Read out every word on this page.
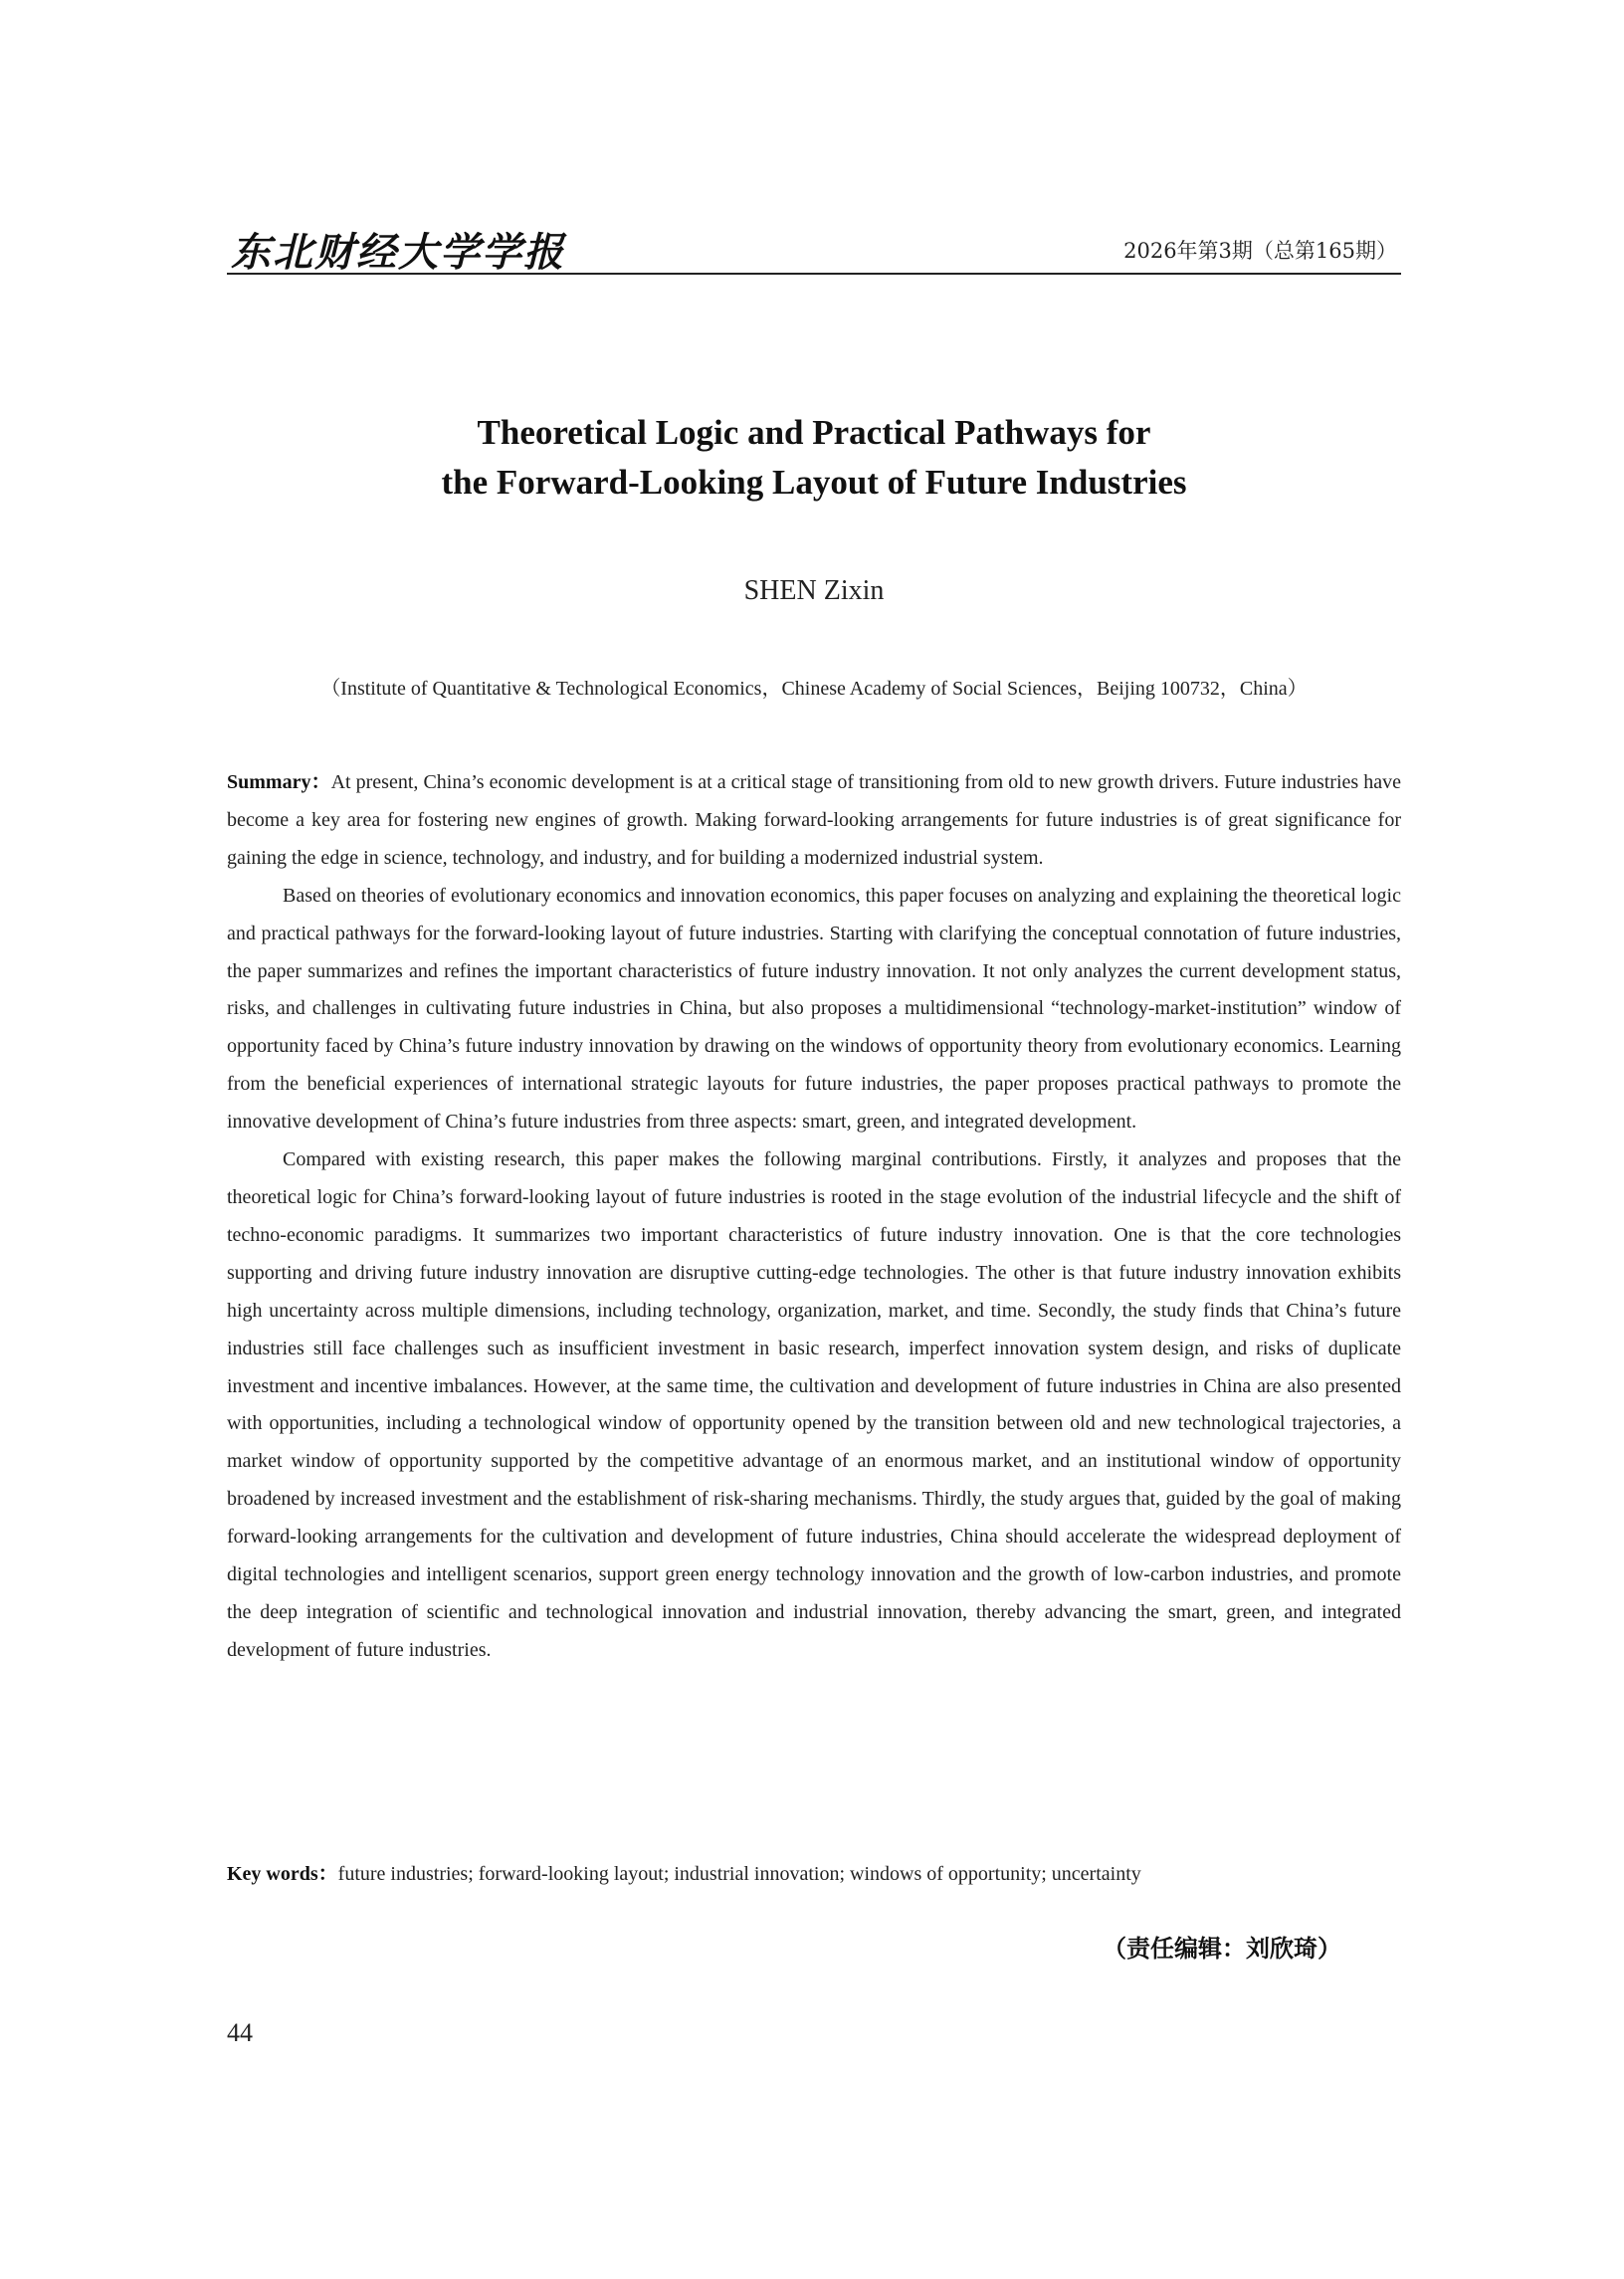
东北财经大学学报	2026年第3期（总第165期）
Theoretical Logic and Practical Pathways for
the Forward-Looking Layout of Future Industries
SHEN Zixin
（Institute of Quantitative & Technological Economics，Chinese Academy of Social Sciences，Beijing 100732，China）

Summary：At present, China’s economic development is at a critical stage of transitioning from old to new growth drivers. Future industries have become a key area for fostering new engines of growth. Making forward-looking arrangements for future industries is of great significance for gaining the edge in science, technology, and industry, and for building a modernized industrial system.

Based on theories of evolutionary economics and innovation economics, this paper focuses on analyzing and explaining the theoretical logic and practical pathways for the forward-looking layout of future industries. Starting with clarifying the conceptual connotation of future industries, the paper summarizes and refines the important characteristics of future industry innovation. It not only analyzes the current development status, risks, and challenges in cultivating future industries in China, but also proposes a multidimensional “technology-market-institution” window of opportunity faced by China’s future industry innovation by drawing on the windows of opportunity theory from evolutionary economics. Learning from the beneficial experiences of international strategic layouts for future industries, the paper proposes practical pathways to promote the innovative development of China’s future industries from three aspects: smart, green, and integrated development.

Compared with existing research, this paper makes the following marginal contributions. Firstly, it analyzes and proposes that the theoretical logic for China’s forward-looking layout of future industries is rooted in the stage evolution of the industrial lifecycle and the shift of techno-economic paradigms. It summarizes two important characteristics of future industry innovation. One is that the core technologies supporting and driving future industry innovation are disruptive cutting-edge technologies. The other is that future industry innovation exhibits high uncertainty across multiple dimensions, including technology, organization, market, and time. Secondly, the study finds that China’s future industries still face challenges such as insufficient investment in basic research, imperfect innovation system design, and risks of duplicate investment and incentive imbalances. However, at the same time, the cultivation and development of future industries in China are also presented with opportunities, including a technological window of opportunity opened by the transition between old and new technological trajectories, a market window of opportunity supported by the competitive advantage of an enormous market, and an institutional window of opportunity broadened by increased investment and the establishment of risk-sharing mechanisms. Thirdly, the study argues that, guided by the goal of making forward-looking arrangements for the cultivation and development of future industries, China should accelerate the widespread deployment of digital technologies and intelligent scenarios, support green energy technology innovation and the growth of low-carbon industries, and promote the deep integration of scientific and technological innovation and industrial innovation, thereby advancing the smart, green, and integrated development of future industries.

Key words：future industries; forward-looking layout; industrial innovation; windows of opportunity; uncertainty
（责任编辑：刘欣琦）
44
